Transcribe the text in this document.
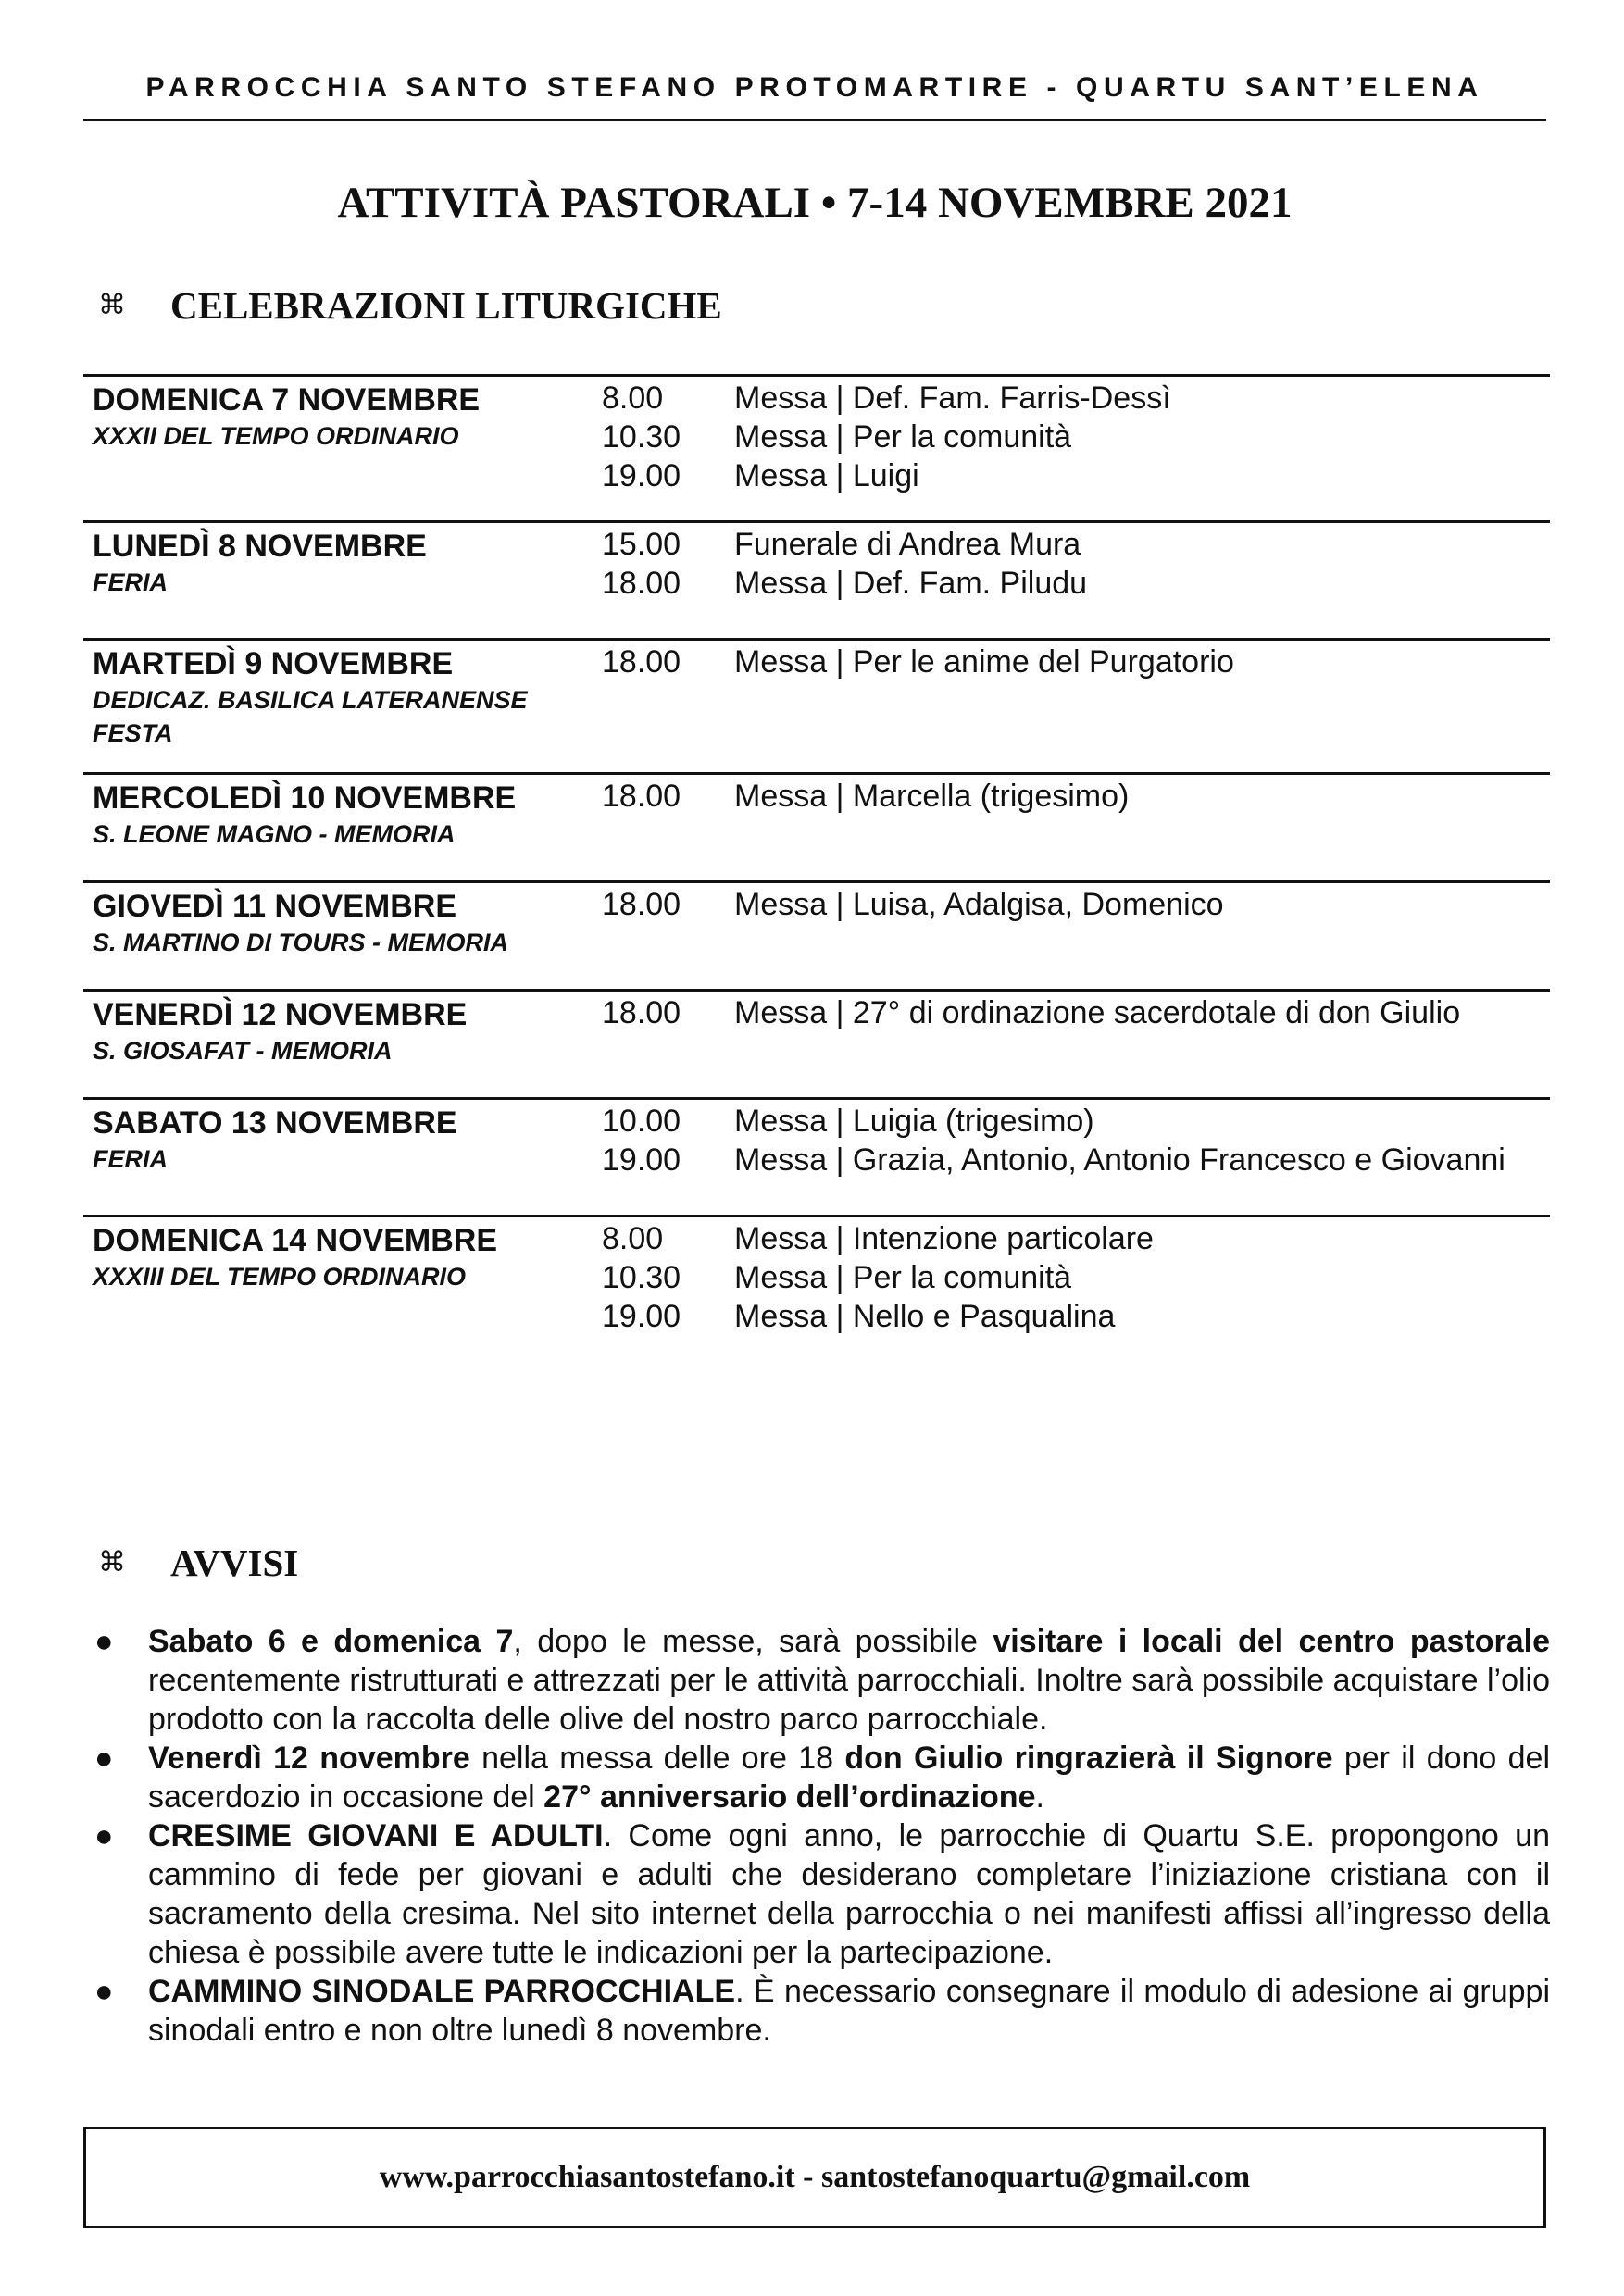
PARROCCHIA SANTO STEFANO PROTOMARTIRE - QUARTU SANT’ELENA
ATTIVITÀ PASTORALI • 7-14 NOVEMBRE 2021
⌘ CELEBRAZIONI LITURGICHE
DOMENICA 7 NOVEMBRE
XXXII DEL TEMPO ORDINARIO
8.00 Messa | Def. Fam. Farris-Dessì
10.30 Messa | Per la comunità
19.00 Messa | Luigi
LUNEDÌ 8 NOVEMBRE
FERIA
15.00 Funerale di Andrea Mura
18.00 Messa | Def. Fam. Piludu
MARTEDÌ 9 NOVEMBRE
DEDICAZ. BASILICA LATERANENSE
FESTA
18.00 Messa | Per le anime del Purgatorio
MERCOLEDÌ 10 NOVEMBRE
S. LEONE MAGNO - MEMORIA
18.00 Messa | Marcella (trigesimo)
GIOVEDÌ 11 NOVEMBRE
S. MARTINO DI TOURS - MEMORIA
18.00 Messa | Luisa, Adalgisa, Domenico
VENERDÌ 12 NOVEMBRE
S. GIOSAFAT - MEMORIA
18.00 Messa | 27° di ordinazione sacerdotale di don Giulio
SABATO 13 NOVEMBRE
FERIA
10.00 Messa | Luigia (trigesimo)
19.00 Messa | Grazia, Antonio, Antonio Francesco e Giovanni
DOMENICA 14 NOVEMBRE
XXXIII DEL TEMPO ORDINARIO
8.00 Messa | Intenzione particolare
10.30 Messa | Per la comunità
19.00 Messa | Nello e Pasqualina
⌘ AVVISI
● Sabato 6 e domenica 7, dopo le messe, sarà possibile visitare i locali del centro pastorale recentemente ristrutturati e attrezzati per le attività parrocchiali. Inoltre sarà possibile acquistare l’olio prodotto con la raccolta delle olive del nostro parco parrocchiale.
● Venerdì 12 novembre nella messa delle ore 18 don Giulio ringrazierà il Signore per il dono del sacerdozio in occasione del 27° anniversario dell’ordinazione.
● CRESIME GIOVANI E ADULTI. Come ogni anno, le parrocchie di Quartu S.E. propongono un cammino di fede per giovani e adulti che desiderano completare l’iniziazione cristiana con il sacramento della cresima. Nel sito internet della parrocchia o nei manifesti affissi all’ingresso della chiesa è possibile avere tutte le indicazioni per la partecipazione.
● CAMMINO SINODALE PARROCCHIALE. È necessario consegnare il modulo di adesione ai gruppi sinodali entro e non oltre lunedì 8 novembre.
www.parrocchiasantostefano.it - santostefanoquartu@gmail.com
